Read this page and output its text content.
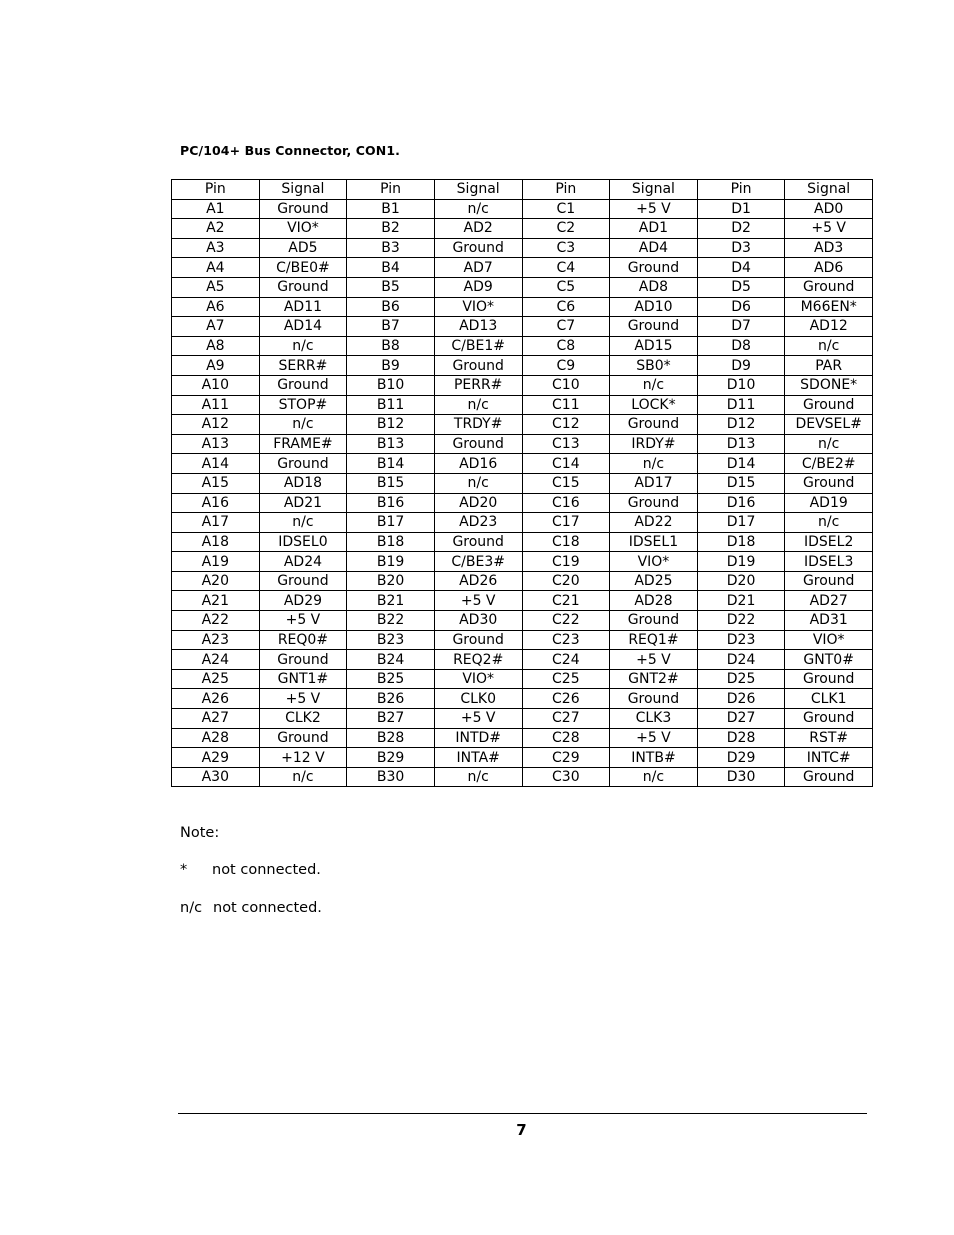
PC/104+ Bus Connector, CON1.
Pin	Signal	Pin	Signal	Pin	Signal	Pin	Signal
A1	Ground	B1	n/c	C1	+5 V	D1	AD0
A2	VIO*	B2	AD2	C2	AD1	D2	+5 V
A3	AD5	B3	Ground	C3	AD4	D3	AD3
A4	C/BE0#	B4	AD7	C4	Ground	D4	AD6
A5	Ground	B5	AD9	C5	AD8	D5	Ground
A6	AD11	B6	VIO*	C6	AD10	D6	M66EN*
A7	AD14	B7	AD13	C7	Ground	D7	AD12
A8	n/c	B8	C/BE1#	C8	AD15	D8	n/c
A9	SERR#	B9	Ground	C9	SB0*	D9	PAR
A10	Ground	B10	PERR#	C10	n/c	D10	SDONE*
A11	STOP#	B11	n/c	C11	LOCK*	D11	Ground
A12	n/c	B12	TRDY#	C12	Ground	D12	DEVSEL#
A13	FRAME#	B13	Ground	C13	IRDY#	D13	n/c
A14	Ground	B14	AD16	C14	n/c	D14	C/BE2#
A15	AD18	B15	n/c	C15	AD17	D15	Ground
A16	AD21	B16	AD20	C16	Ground	D16	AD19
A17	n/c	B17	AD23	C17	AD22	D17	n/c
A18	IDSEL0	B18	Ground	C18	IDSEL1	D18	IDSEL2
A19	AD24	B19	C/BE3#	C19	VIO*	D19	IDSEL3
A20	Ground	B20	AD26	C20	AD25	D20	Ground
A21	AD29	B21	+5 V	C21	AD28	D21	AD27
A22	+5 V	B22	AD30	C22	Ground	D22	AD31
A23	REQ0#	B23	Ground	C23	REQ1#	D23	VIO*
A24	Ground	B24	REQ2#	C24	+5 V	D24	GNT0#
A25	GNT1#	B25	VIO*	C25	GNT2#	D25	Ground
A26	+5 V	B26	CLK0	C26	Ground	D26	CLK1
A27	CLK2	B27	+5 V	C27	CLK3	D27	Ground
A28	Ground	B28	INTD#	C28	+5 V	D28	RST#
A29	+12 V	B29	INTA#	C29	INTB#	D29	INTC#
A30	n/c	B30	n/c	C30	n/c	D30	Ground
Note:
* not connected.
n/c not connected.
7
